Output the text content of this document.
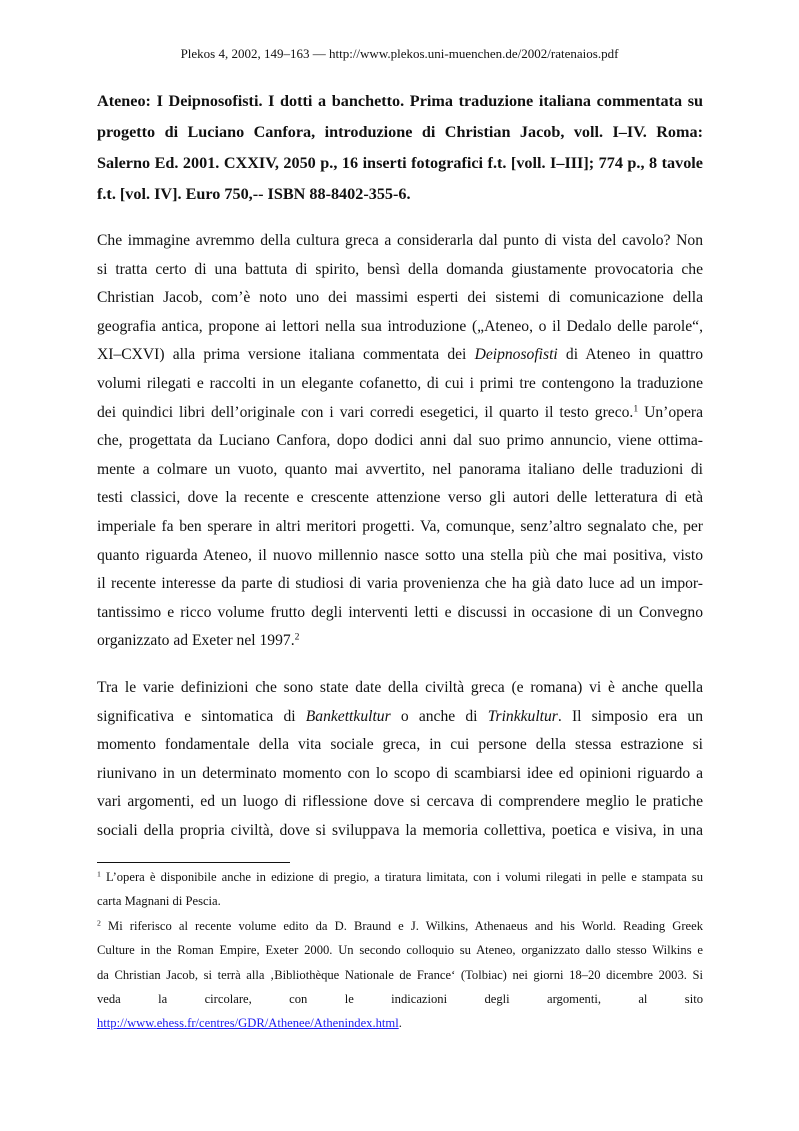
Plekos 4, 2002, 149–163 — http://www.plekos.uni-muenchen.de/2002/ratenaios.pdf
Ateneo: I Deipnosofisti. I dotti a banchetto. Prima traduzione italiana commentata su
progetto di Luciano Canfora, introduzione di Christian Jacob, voll. I–IV. Roma:
Salerno Ed. 2001. CXXIV, 2050 p., 16 inserti fotografici f.t. [voll. I–III]; 774 p., 8 tavole
f.t. [vol. IV]. Euro 750,-- ISBN 88-8402-355-6.
Che immagine avremmo della cultura greca a considerarla dal punto di vista del cavolo? Non
si tratta certo di una battuta di spirito, bensì della domanda giustamente provocatoria che
Christian Jacob, com’è noto uno dei massimi esperti dei sistemi di comunicazione della
geografia antica, propone ai lettori nella sua introduzione („Ateneo, o il Dedalo delle parole“,
XI–CXVI) alla prima versione italiana commentata dei Deipnosofisti di Ateneo in quattro
volumi rilegati e raccolti in un elegante cofanetto, di cui i primi tre contengono la traduzione
dei quindici libri dell’originale con i vari corredi esegetici, il quarto il testo greco.$^1$ Un’opera
che, progettata da Luciano Canfora, dopo dodici anni dal suo primo annuncio, viene ottima-
mente a colmare un vuoto, quanto mai avvertito, nel panorama italiano delle traduzioni di
testi classici, dove la recente e crescente attenzione verso gli autori delle letteratura di età
imperiale fa ben sperare in altri meritori progetti. Va, comunque, senz’altro segnalato che, per
quanto riguarda Ateneo, il nuovo millennio nasce sotto una stella più che mai positiva, visto
il recente interesse da parte di studiosi di varia provenienza che ha già dato luce ad un impor-
tantissimo e ricco volume frutto degli interventi letti e discussi in occasione di un Convegno
organizzato ad Exeter nel 1997.$^2$
Tra le varie definizioni che sono state date della civiltà greca (e romana) vi è anche quella
significativa e sintomatica di Bankettkultur o anche di Trinkkultur. Il simposio era un
momento fondamentale della vita sociale greca, in cui persone della stessa estrazione si
riunivano in un determinato momento con lo scopo di scambiarsi idee ed opinioni riguardo a
vari argomenti, ed un luogo di riflessione dove si cercava di comprendere meglio le pratiche
sociali della propria civiltà, dove si sviluppava la memoria collettiva, poetica e visiva, in una
$^1$ L’opera è disponibile anche in edizione di pregio, a tiratura limitata, con i volumi rilegati in pelle e stampata su
carta Magnani di Pescia.
$^2$ Mi riferisco al recente volume edito da D. Braund e J. Wilkins, Athenaeus and his World. Reading Greek
Culture in the Roman Empire, Exeter 2000. Un secondo colloquio su Ateneo, organizzato dallo stesso Wilkins e
da Christian Jacob, si terrà alla ‚Bibliothèque Nationale de France‘ (Tolbiac) nei giorni 18–20 dicembre 2003. Si
veda la circolare, con le indicazioni degli argomenti, al sito
http://www.ehess.fr/centres/GDR/Athenee/Athenindex.html.
